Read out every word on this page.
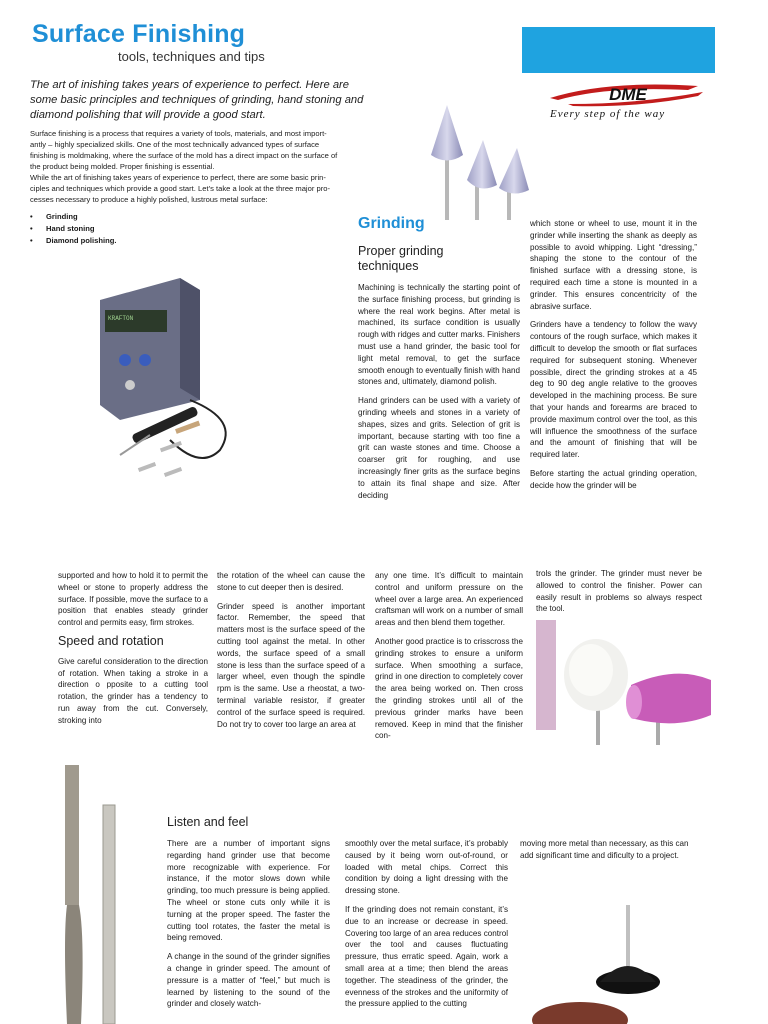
Surface Finishing
tools, techniques and tips
DME
Every step of the way
The art of inishing takes years of experience to perfect. Here are some basic principles and techniques of grinding, hand stoning and diamond polishing that will provide a good start.
Surface finishing is a process that requires a variety of tools, materials, and most import- antly – highly specialized skills. One of the most technically advanced types of surface finishing is moldmaking, where the surface of the mold has a direct impact on the surface of the product being molded. Proper finishing is essential.
While the art of finishing takes years of experience to perfect, there are some basic prin- ciples and techniques which provide a good start. Let’s take a look at the three major pro- cesses necessary to produce a highly polished, lustrous metal surface:
• Grinding
• Hand stoning
• Diamond polishing.
KRAFTON
Grinding
Proper grinding techniques

Machining is technically the starting point of the surface finishing process, but grinding is where the real work begins. After metal is machined, its surface condition is usually rough with ridges and cutter marks. Finishers must use a hand grinder, the basic tool for light metal removal, to get the surface smooth enough to eventually finish with hand stones and, ultimately, diamond polish.

Hand grinders can be used with a variety of grinding wheels and stones in a variety of shapes, sizes and grits. Selection of grit is important, because starting with too fine a grit can waste stones and time. Choose a coarser grit for roughing, and use increasingly finer grits as the surface begins to attain its final shape and size. After deciding

which stone or wheel to use, mount it in the grinder while inserting the shank as deeply as possible to avoid whipping. Light “dressing,” shaping the stone to the contour of the finished surface with a dressing stone, is required each time a stone is mounted in a grinder. This ensures concentricity of the abrasive surface.

Grinders have a tendency to follow the wavy contours of the rough surface, which makes it difficult to develop the smooth or flat surfaces required for subsequent stoning. Whenever possible, direct the grinding strokes at a 45 deg to 90 deg angle relative to the grooves developed in the machining process. Be sure that your hands and forearms are braced to provide maximum control over the tool, as this will influence the smoothness of the surface and the amount of finishing that will be required later.

Before starting the actual grinding operation, decide how the grinder will be

supported and how to hold it to permit the wheel or stone to properly address the surface. If possible, move the surface to a position that enables steady grinder control and permits easy, firm strokes.

Speed and rotation

Give careful consideration to the direction of rotation. When taking a stroke in a direction o pposite to a cutting tool rotation, the grinder has a tendency to run away from the cut. Conversely, stroking into

the rotation of the wheel can cause the stone to cut deeper then is desired.

Grinder speed is another important factor. Remember, the speed that matters most is the surface speed of the cutting tool against the metal. In other words, the surface speed of a small stone is less than the surface speed of a larger wheel, even though the spindle rpm is the same. Use a rheostat, a two-terminal variable resistor, if greater control of the surface speed is required. Do not try to cover too large an area at

any one time. It’s difficult to maintain control and uniform pressure on the wheel over a large area. An experienced craftsman will work on a number of small areas and then blend them together.

Another good practice is to crisscross the grinding strokes to ensure a uniform surface. When smoothing a surface, grind in one direction to completely cover the area being worked on. Then cross the grinding strokes until all of the previous grinder marks have been removed. Keep in mind that the finisher con-

trols the grinder. The grinder must never be allowed to control the finisher. Power can easily result in problems so always respect the tool.
Listen and feel

There are a number of important signs regarding hand grinder use that become more recognizable with experience. For instance, if the motor slows down while grinding, too much pressure is being applied. The wheel or stone cuts only while it is turning at the proper speed. The faster the cutting tool rotates, the faster the metal is being removed.

A change in the sound of the grinder signifies a change in grinder speed. The amount of pressure is a matter of “feel,” but much is learned by listening to the sound of the grinder and closely watch-

smoothly over the metal surface, it’s probably caused by it being worn out-of-round, or loaded with metal chips. Correct this condition by doing a light dressing with the dressing stone.

If the grinding does not remain constant, it’s due to an increase or decrease in speed. Covering too large of an area reduces control over the tool and causes fluctuating pressure, thus erratic speed. Again, work a small area at a time; then blend the areas together. The steadiness of the grinder, the evenness of the strokes and the uniformity of the pressure applied to the cutting

moving more metal than necessary, as this can add significant time and dificulty to a project.
